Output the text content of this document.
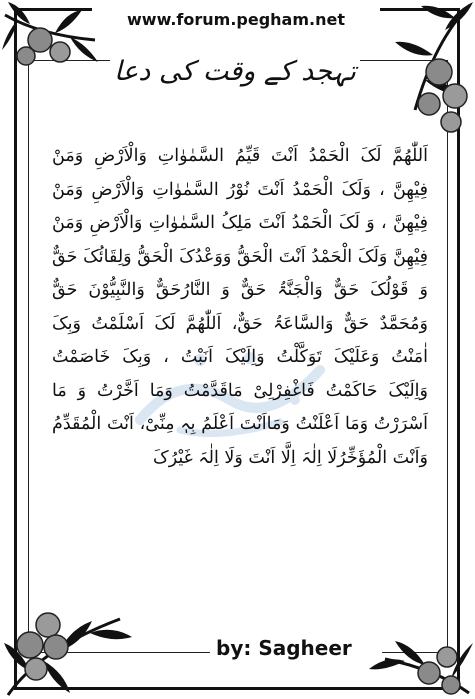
www.forum.pegham.net
تہجد کے وقت کی دعا

اَللّٰھُمَّ لَکَ الْحَمْدُ اَنْتَ قَیِّمُ السَّمٰوٰاتِ وَالْاَرْضِ وَمَنْ فِیْھِنَّ ، وَلَکَ الْحَمْدُ اَنْتَ نُوْرُ السَّمٰوٰاتِ وَالْاَرْضِ وَمَنْ فِیْھِنَّ ، وَ لَکَ الْحَمْدُ اَنْتَ مَلِکُ السَّمٰوٰاتِ وَالْاَرْضِ وَمَنْ فِیْھِنَّ وَلَکَ الْحَمْدُ اَنْتَ الْحَقُّ وَوَعْدُکَ الْحَقُّ وَلِقَائُکَ حَقٌّ وَ قَوْلُکَ حَقٌّ وَالْجَنَّۃُ حَقٌّ وَ النَّارُحَقٌّ وَالنَّبِیُّوْنَ حَقٌّ وَمُحَمَّدٌ حَقٌّ وَالسَّاعَۃُ حَقٌّ، اَللّٰھُمَّ لَکَ اَسْلَمْتُ وَبِکَ اٰمَنْتُ وَعَلَیْکَ تَوَکَّلْتُ وَاِلَیْکَ اَنَبْتُ ، وَبِکَ خَاصَمْتُ وَاِلَیْکَ حَاکَمْتُ فَاغْفِرْلِیْ مَاقَدَّمْتُ وَمَا اَخَّرْتُ وَ مَا اَسْرَرْتُ وَمَا اَعْلَنْتُ وَمَااَنْتَ اَعْلَمُ بِہٖ مِنِّیْ، اَنْتَ الْمُقَدِّمُ وَاَنْتَ الْمُؤَخِّرُلَا اِلٰہَ اِلَّا اَنْتَ وَلَا اِلٰہَ غَیْرُکَ

by: Sagheer
